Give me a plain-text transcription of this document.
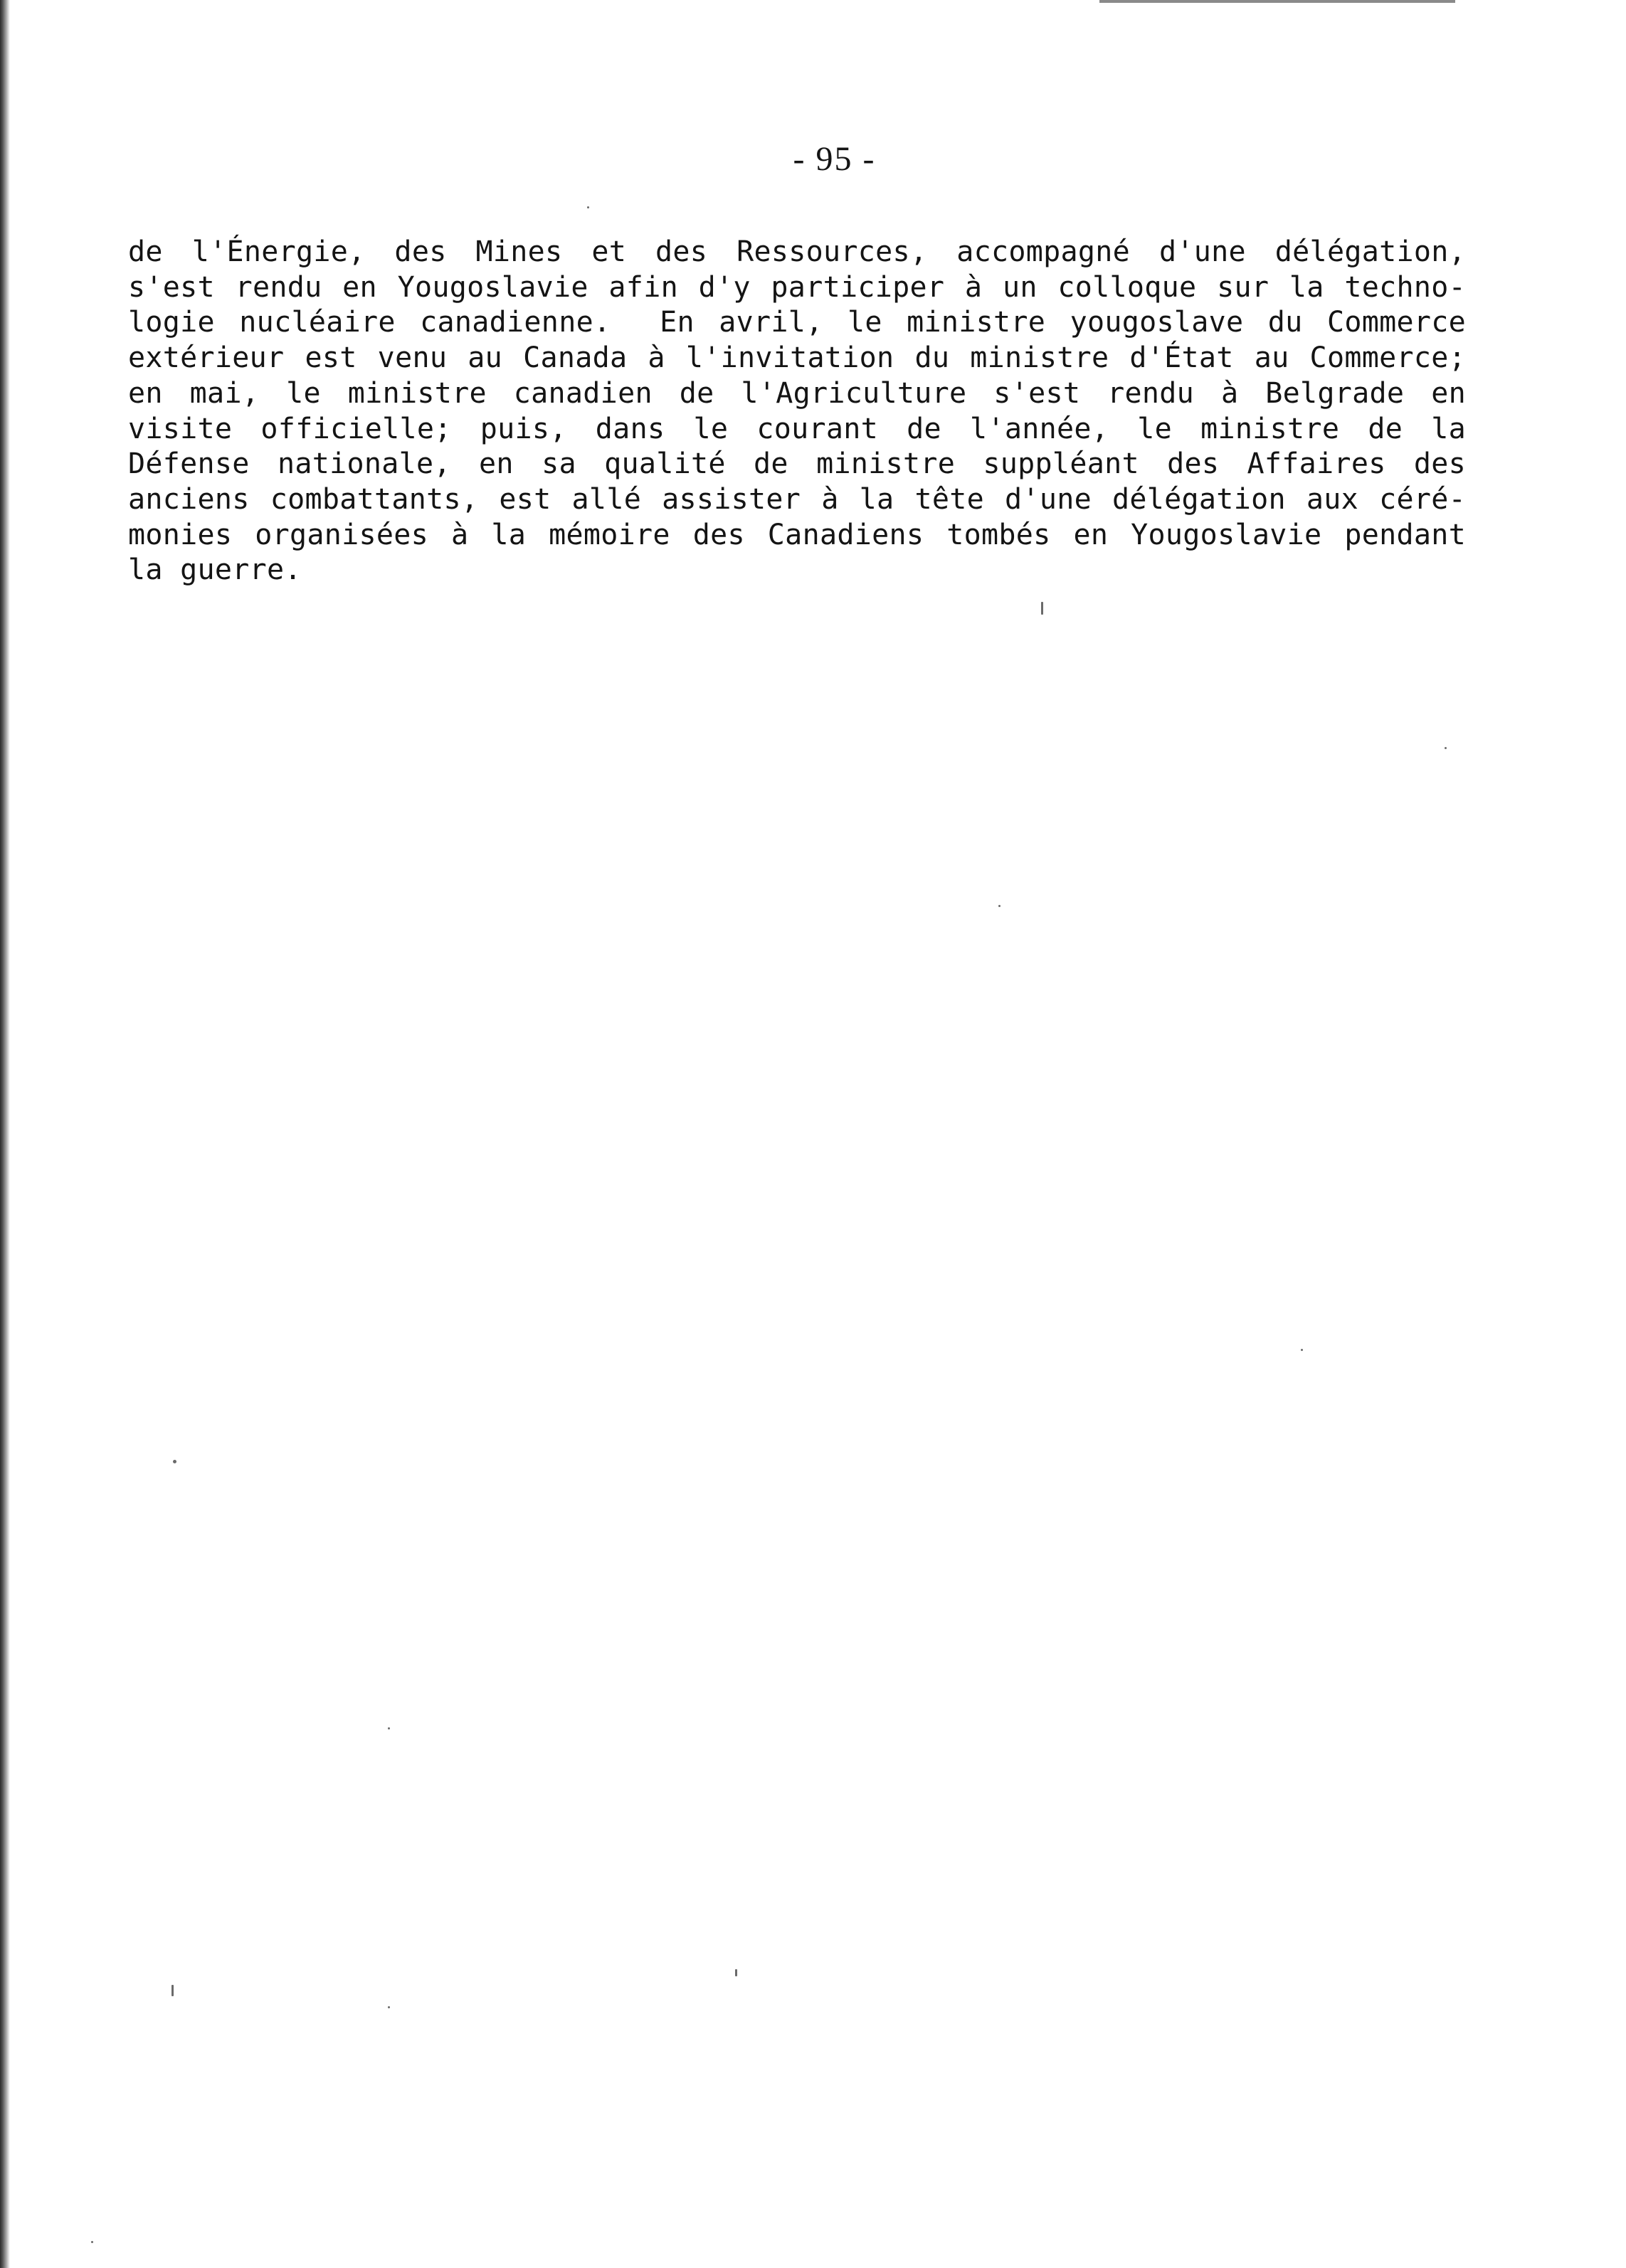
- 95 -
de l'Énergie, des Mines et des Ressources, accompagné d'une délégation,
s'est rendu en Yougoslavie afin d'y participer à un colloque sur la techno-
logie nucléaire canadienne.  En avril, le ministre yougoslave du Commerce
extérieur est venu au Canada à l'invitation du ministre d'État au Commerce;
en mai, le ministre canadien de l'Agriculture s'est rendu à Belgrade en
visite officielle; puis, dans le courant de l'année, le ministre de la
Défense nationale, en sa qualité de ministre suppléant des Affaires des
anciens combattants, est allé assister à la tête d'une délégation aux céré-
monies organisées à la mémoire des Canadiens tombés en Yougoslavie pendant
la guerre.
